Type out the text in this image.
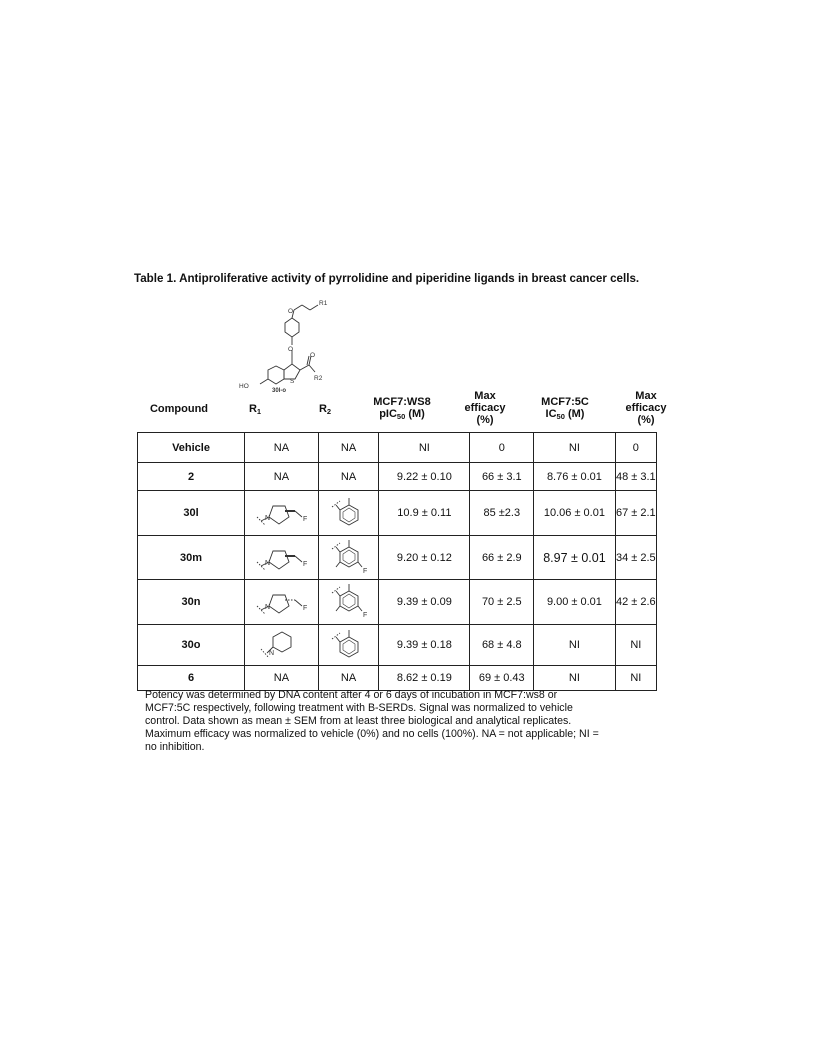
Table 1. Antiproliferative activity of pyrrolidine and piperidine ligands in breast cancer cells.
O
O
O
R1
R2
S
HO
30l-o
Compound	$R_1$	$R_2$
MCF7:WS8
pIC$_{50}$ (M)
Max
efficacy
(%)
MCF7:5C
$IC_{50}$ (M)
Max
efficacy
(%)
Vehicle	NA	NA	NI	0	NI	0
2	NA	NA	9.22 ± 0.10	66 ± 3.1	8.76 ± 0.01	48 ± 3.1
30l	N F		10.9 ± 0.11	85 ±2.3	10.06 ± 0.01	67 ± 2.1
30m	N F	F	9.20 ± 0.12	66 ± 2.9	8.97 ± 0.01	34 ± 2.5
30n	N F	F	9.39 ± 0.09	70 ± 2.5	9.00 ± 0.01	42 ± 2.6
30o	N		9.39 ± 0.18	68 ± 4.8	NI	NI
6	NA	NA	8.62 ± 0.19	69 ± 0.43	NI	NI
Potency was determined by DNA content after 4 or 6 days of incubation in MCF7:ws8 or
MCF7:5C respectively, following treatment with B-SERDs. Signal was normalized to vehicle
control. Data shown as mean ± SEM from at least three biological and analytical replicates.
Maximum efficacy was normalized to vehicle (0%) and no cells (100%). NA = not applicable; NI =
no inhibition.
